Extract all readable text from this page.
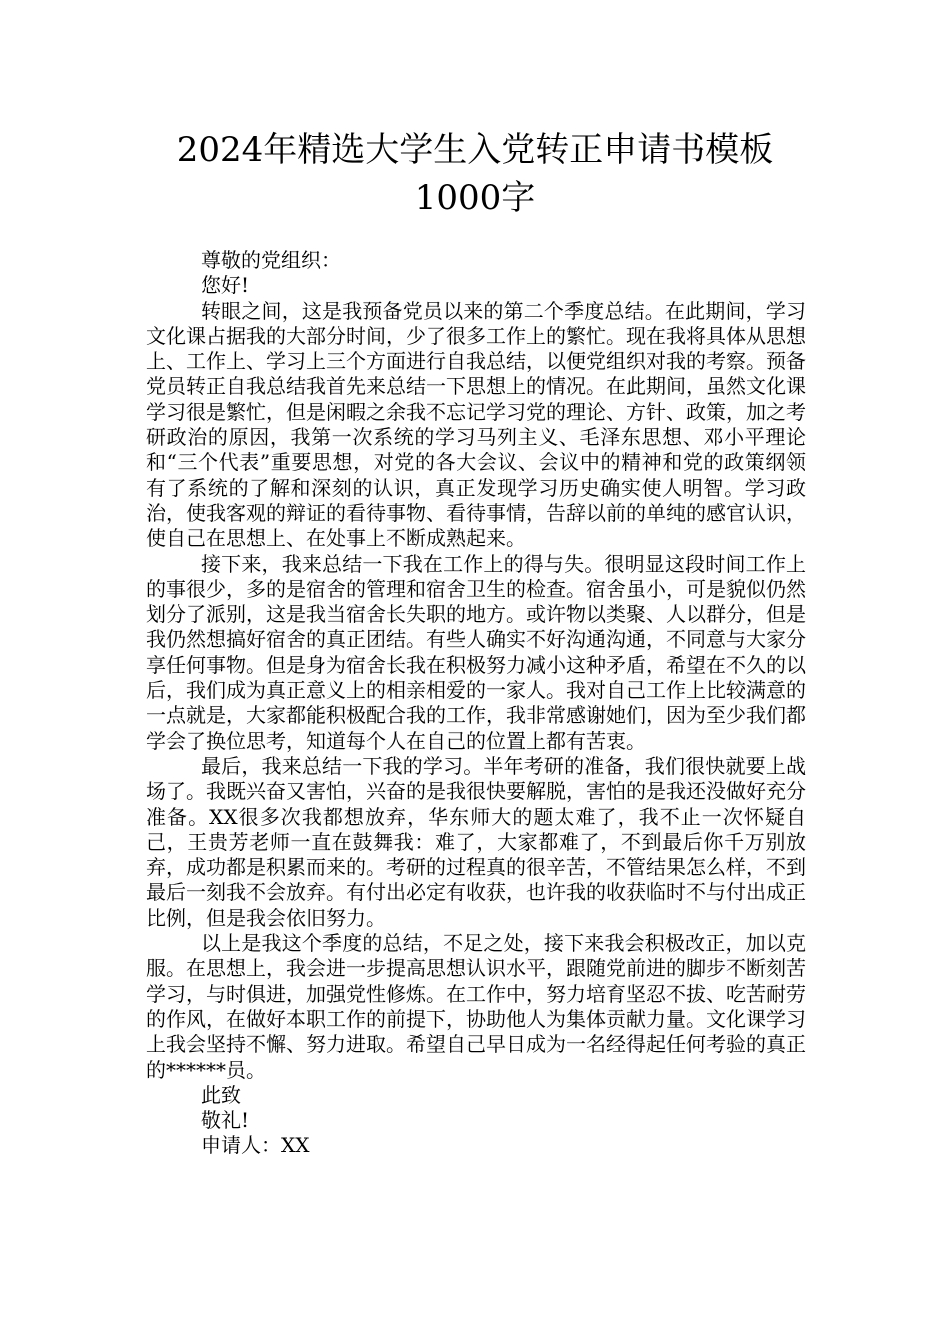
2024年精选大学生入党转正申请书模板
1000字

尊敬的党组织：

您好!

转眼之间，这是我预备党员以来的第二个季度总结。在此期间，学习文化课占据我的大部分时间，少了很多工作上的繁忙。现在我将具体从思想上、工作上、学习上三个方面进行自我总结，以便党组织对我的考察。预备党员转正自我总结我首先来总结一下思想上的情况。在此期间，虽然文化课学习很是繁忙，但是闲暇之余我不忘记学习党的理论、方针、政策，加之考研政治的原因，我第一次系统的学习马列主义、毛泽东思想、邓小平理论和“三个代表”重要思想，对党的各大会议、会议中的精神和党的政策纲领有了系统的了解和深刻的认识，真正发现学习历史确实使人明智。学习政治，使我客观的辩证的看待事物、看待事情，告辞以前的单纯的感官认识，使自己在思想上、在处事上不断成熟起来。

接下来，我来总结一下我在工作上的得与失。很明显这段时间工作上的事很少，多的是宿舍的管理和宿舍卫生的检查。宿舍虽小，可是貌似仍然划分了派别，这是我当宿舍长失职的地方。或许物以类聚、人以群分，但是我仍然想搞好宿舍的真正团结。有些人确实不好沟通沟通，不同意与大家分享任何事物。但是身为宿舍长我在积极努力减小这种矛盾，希望在不久的以后，我们成为真正意义上的相亲相爱的一家人。我对自己工作上比较满意的一点就是，大家都能积极配合我的工作，我非常感谢她们，因为至少我们都学会了换位思考，知道每个人在自己的位置上都有苦衷。

最后，我来总结一下我的学习。半年考研的准备，我们很快就要上战场了。我既兴奋又害怕，兴奋的是我很快要解脱，害怕的是我还没做好充分准备。XX很多次我都想放弃，华东师大的题太难了，我不止一次怀疑自己，王贵芳老师一直在鼓舞我：难了，大家都难了，不到最后你千万别放弃，成功都是积累而来的。考研的过程真的很辛苦，不管结果怎么样，不到最后一刻我不会放弃。有付出必定有收获，也许我的收获临时不与付出成正比例，但是我会依旧努力。

以上是我这个季度的总结，不足之处，接下来我会积极改正，加以克服。在思想上，我会进一步提高思想认识水平，跟随党前进的脚步不断刻苦学习，与时俱进，加强党性修炼。在工作中，努力培育坚忍不拔、吃苦耐劳的作风，在做好本职工作的前提下，协助他人为集体贡献力量。文化课学习上我会坚持不懈、努力进取。希望自己早日成为一名经得起任何考验的真正的******员。

此致

敬礼!

申请人：XX
